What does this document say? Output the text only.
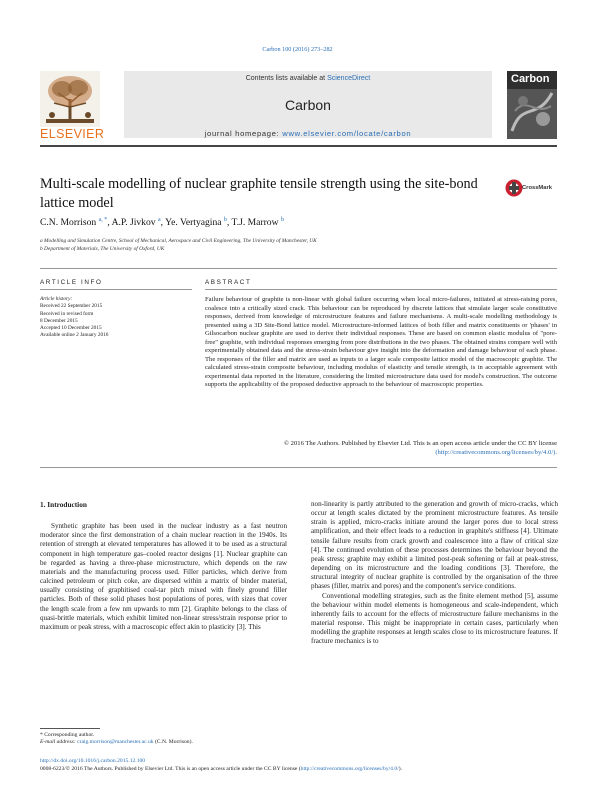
Carbon 100 (2016) 273–282
ELSEVIER
Contents lists available at ScienceDirect
Carbon
journal homepage: www.elsevier.com/locate/carbon
Carbon
Multi-scale modelling of nuclear graphite tensile strength using the site-bond lattice model
CrossMark
C.N. Morrison $^{a, *}$, A.P. Jivkov $^a$, Ye. Vertyagina $^b$, T.J. Marrow $^b$
a Modelling and Simulation Centre, School of Mechanical, Aerospace and Civil Engineering, The University of Manchester, UK
b Department of Materials, The University of Oxford, UK
ARTICLE INFO	ABSTRACT
Article history:
Received 22 September 2015
Received in revised form
8 December 2015
Accepted 10 December 2015
Available online 2 January 2016
Failure behaviour of graphite is non-linear with global failure occurring when local micro-failures, initiated at stress-raising pores, coalesce into a critically sized crack. This behaviour can be reproduced by discrete lattices that simulate larger scale constitutive responses, derived from knowledge of microstructure features and failure mechanisms. A multi-scale modelling methodology is presented using a 3D Site-Bond lattice model. Microstructure-informed lattices of both filler and matrix constituents or 'phases' in Gilsocarbon nuclear graphite are used to derive their individual responses. These are based on common elastic modulus of "pore-free" graphite, with individual responses emerging from pore distributions in the two phases. The obtained strains compare well with experimentally obtained data and the stress-strain behaviour give insight into the deformation and damage behaviour of each phase. The responses of the filler and matrix are used as inputs to a larger scale composite lattice model of the macroscopic graphite. The calculated stress-strain composite behaviour, including modulus of elasticity and tensile strength, is in acceptable agreement with experimental data reported in the literature, considering the limited microstructure data used for model's construction. The outcome supports the applicability of the proposed deductive approach to the behaviour of macroscopic properties.
© 2016 The Authors. Published by Elsevier Ltd. This is an open access article under the CC BY license (http://creativecommons.org/licenses/by/4.0/).
1. Introduction

Synthetic graphite has been used in the nuclear industry as a fast neutron moderator since the first demonstration of a chain nuclear reaction in the 1940s. Its retention of strength at elevated temperatures has allowed it to be used as a structural component in high temperature gas–cooled reactor designs [1]. Nuclear graphite can be regarded as having a three-phase microstructure, which depends on the raw materials and the manufacturing process used. Filler particles, which derive from calcined petroleum or pitch coke, are dispersed within a matrix of binder material, usually consisting of graphitised coal-tar pitch mixed with finely ground filler particles. Both of these solid phases host populations of pores, with sizes that cover the length scale from a few nm upwards to mm [2]. Graphite belongs to the class of quasi-brittle materials, which exhibit limited non-linear stress/strain response prior to maximum or peak stress, with a macroscopic effect akin to plasticity [3]. This

non-linearity is partly attributed to the generation and growth of micro-cracks, which occur at length scales dictated by the prominent microstructure features. As tensile strain is applied, micro-cracks initiate around the larger pores due to local stress amplification, and their effect leads to a reduction in graphite's stiffness [4]. Ultimate tensile failure results from crack growth and coalescence into a flaw of critical size [4]. The continued evolution of these processes determines the behaviour beyond the peak stress; graphite may exhibit a limited post-peak softening or fail at peak-stress, depending on its microstructure and the loading conditions [3]. Therefore, the structural integrity of nuclear graphite is controlled by the organisation of the three phases (filler, matrix and pores) and the component's service conditions.

Conventional modelling strategies, such as the finite element method [5], assume the behaviour within model elements is homogeneous and scale-independent, which inherently fails to account for the effects of microstructure failure mechanisms in the material response. This might be inappropriate in certain cases, particularly when modelling the graphite responses at length scales close to its microstructure features. If fracture mechanics is to

* Corresponding author.
E-mail address: craig.morrison@manchester.ac.uk (C.N. Morrison).
http://dx.doi.org/10.1016/j.carbon.2015.12.100
0008-6223/© 2016 The Authors. Published by Elsevier Ltd. This is an open access article under the CC BY license (http://creativecommons.org/licenses/by/4.0/).
